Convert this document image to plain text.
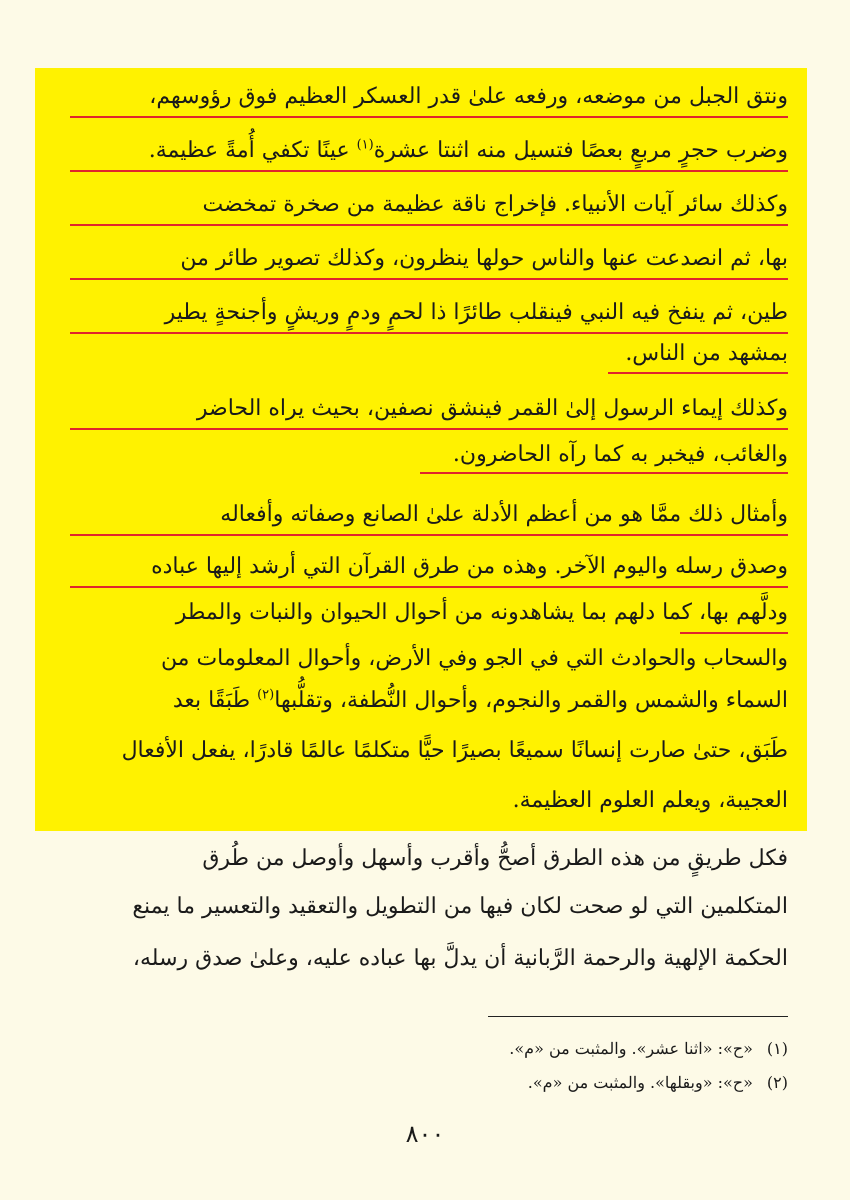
ونتق الجبل من موضعه، ورفعه علىٰ قدر العسكر العظيم فوق رؤوسهم،
وضرب حجرٍ مربعٍ بعصًا فتسيل منه اثنتا عشرة$^{(١)}$ عينًا تكفي أُمةً عظيمة.
وكذلك سائر آيات الأنبياء. فإخراج ناقة عظيمة من صخرة تمخضت
بها، ثم انصدعت عنها والناس حولها ينظرون، وكذلك تصوير طائر من
طين، ثم ينفخ فيه النبي فينقلب طائرًا ذا لحمٍ ودمٍ وريشٍ وأجنحةٍ يطير
بمشهد من الناس.
وكذلك إيماء الرسول إلىٰ القمر فينشق نصفين، بحيث يراه الحاضر
والغائب، فيخبر به كما رآه الحاضرون.
وأمثال ذلك ممَّا هو من أعظم الأدلة علىٰ الصانع وصفاته وأفعاله
وصدق رسله واليوم الآخر. وهذه من طرق القرآن التي أرشد إليها عباده
ودلَّهم بها، كما دلهم بما يشاهدونه من أحوال الحيوان والنبات والمطر
والسحاب والحوادث التي في الجو وفي الأرض، وأحوال المعلومات من
السماء والشمس والقمر والنجوم، وأحوال النُّطفة، وتقلُّبها$^{(٢)}$ طَبَقًا بعد
طَبَق، حتىٰ صارت إنسانًا سميعًا بصيرًا حيًّا متكلمًا عالمًا قادرًا، يفعل الأفعال
العجيبة، ويعلم العلوم العظيمة.
فكل طريقٍ من هذه الطرق أصحُّ وأقرب وأسهل وأوصل من طُرق
المتكلمين التي لو صحت لكان فيها من التطويل والتعقيد والتعسير ما يمنع
الحكمة الإلهية والرحمة الرَّبانية أن يدلَّ بها عباده عليه، وعلىٰ صدق رسله،
(١)«ح»: «اثنا عشر». والمثبت من «م».
(٢)«ح»: «وبقلها». والمثبت من «م».
٨٠٠
